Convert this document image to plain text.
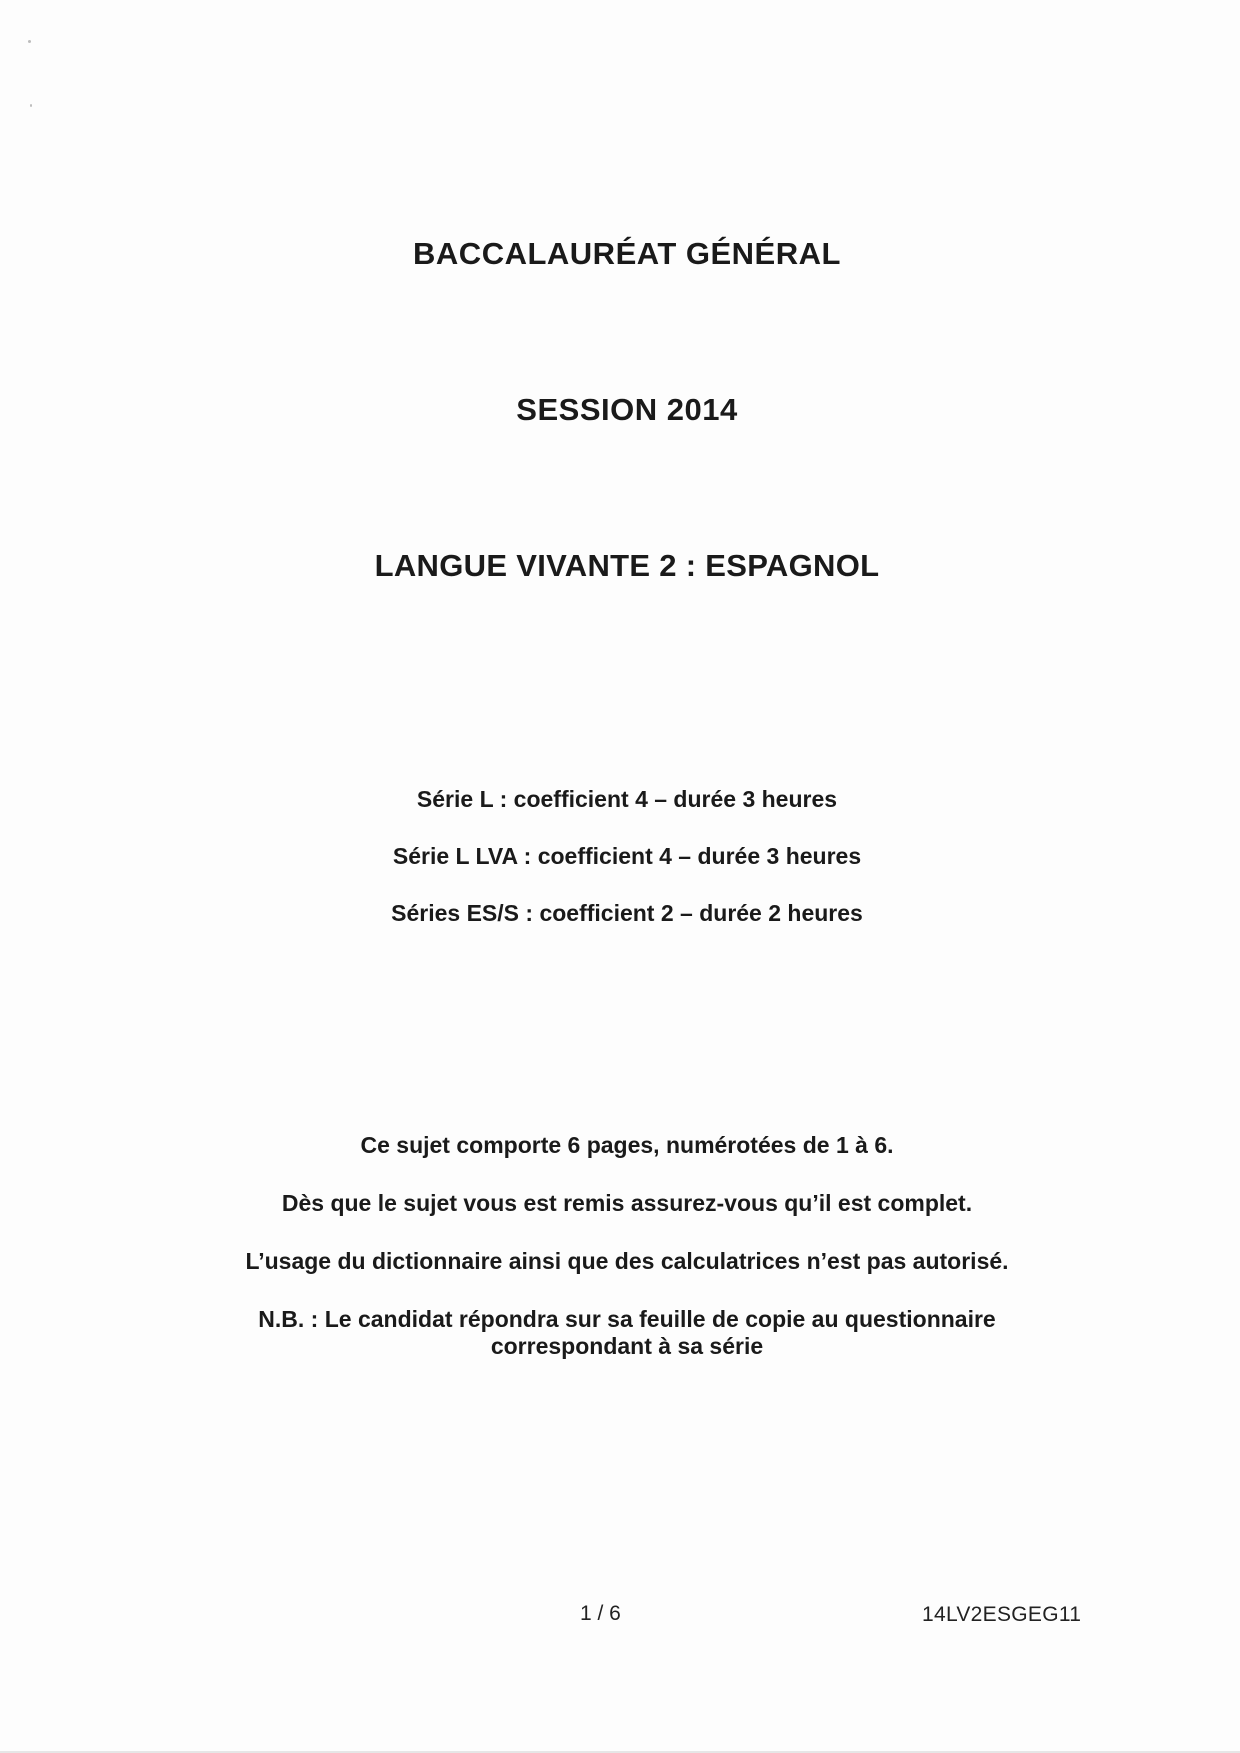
BACCALAURÉAT GÉNÉRAL
SESSION 2014
LANGUE VIVANTE 2 : ESPAGNOL
Série L : coefficient 4 – durée 3 heures
Série L LVA : coefficient 4 – durée 3 heures
Séries ES/S : coefficient 2 – durée 2 heures
Ce sujet comporte 6 pages, numérotées de 1 à 6.
Dès que le sujet vous est remis assurez-vous qu’il est complet.
L’usage du dictionnaire ainsi que des calculatrices n’est pas autorisé.
N.B. : Le candidat répondra sur sa feuille de copie au questionnaire
correspondant à sa série
1 / 6	14LV2ESGEG11
